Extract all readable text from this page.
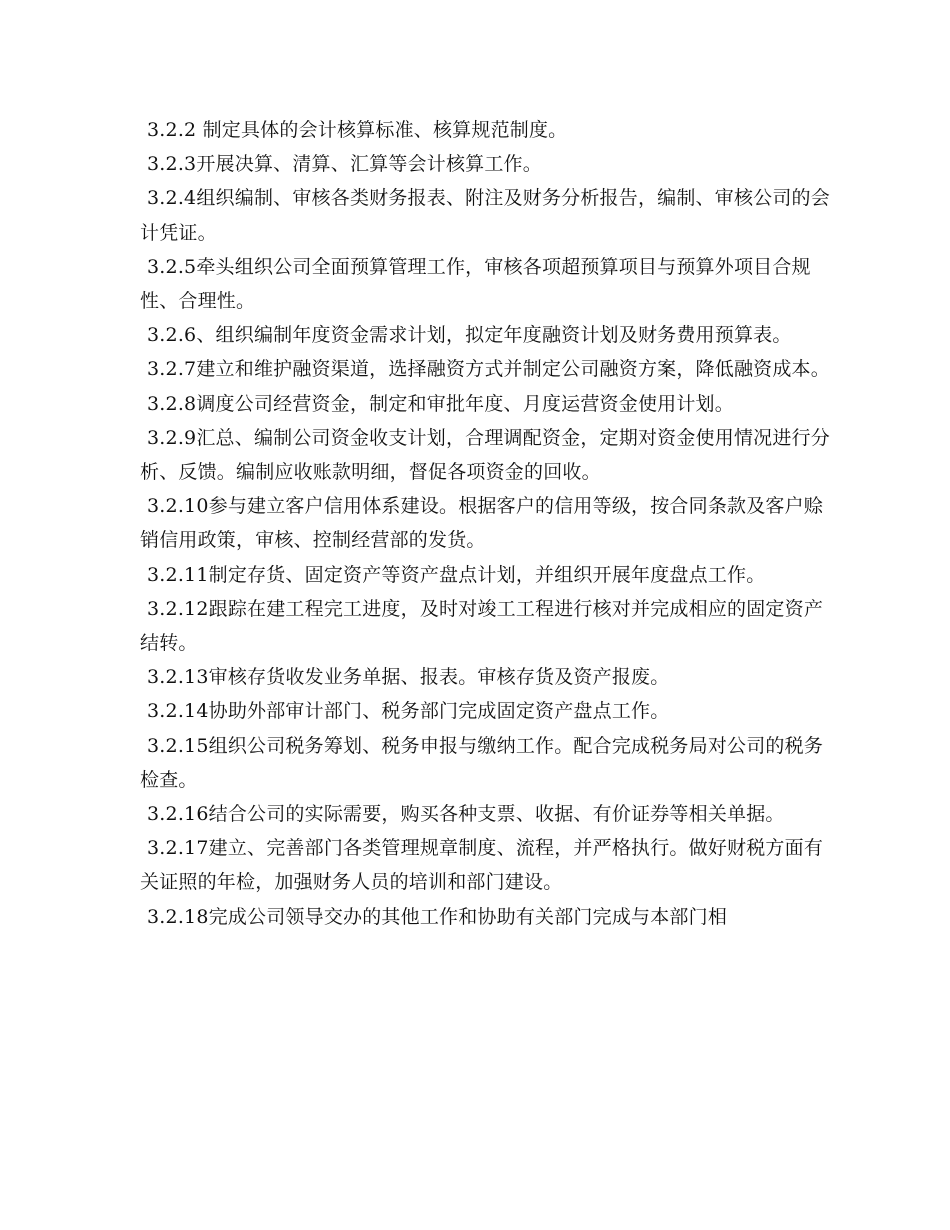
3.2.2 制定具体的会计核算标准、核算规范制度。

3.2.3开展决算、清算、汇算等会计核算工作。

3.2.4组织编制、审核各类财务报表、附注及财务分析报告，编制、审核公司的会计凭证。

3.2.5牵头组织公司全面预算管理工作，审核各项超预算项目与预算外项目合规性、合理性。

3.2.6、组织编制年度资金需求计划，拟定年度融资计划及财务费用预算表。

3.2.7建立和维护融资渠道，选择融资方式并制定公司融资方案，降低融资成本。

3.2.8调度公司经营资金，制定和审批年度、月度运营资金使用计划。

3.2.9汇总、编制公司资金收支计划，合理调配资金，定期对资金使用情况进行分析、反馈。编制应收账款明细，督促各项资金的回收。

3.2.10参与建立客户信用体系建设。根据客户的信用等级，按合同条款及客户赊销信用政策，审核、控制经营部的发货。

3.2.11制定存货、固定资产等资产盘点计划，并组织开展年度盘点工作。

3.2.12跟踪在建工程完工进度，及时对竣工工程进行核对并完成相应的固定资产结转。

3.2.13审核存货收发业务单据、报表。审核存货及资产报废。

3.2.14协助外部审计部门、税务部门完成固定资产盘点工作。

3.2.15组织公司税务筹划、税务申报与缴纳工作。配合完成税务局对公司的税务检查。

3.2.16结合公司的实际需要，购买各种支票、收据、有价证券等相关单据。

3.2.17建立、完善部门各类管理规章制度、流程，并严格执行。做好财税方面有关证照的年检，加强财务人员的培训和部门建设。

3.2.18完成公司领导交办的其他工作和协助有关部门完成与本部门相
